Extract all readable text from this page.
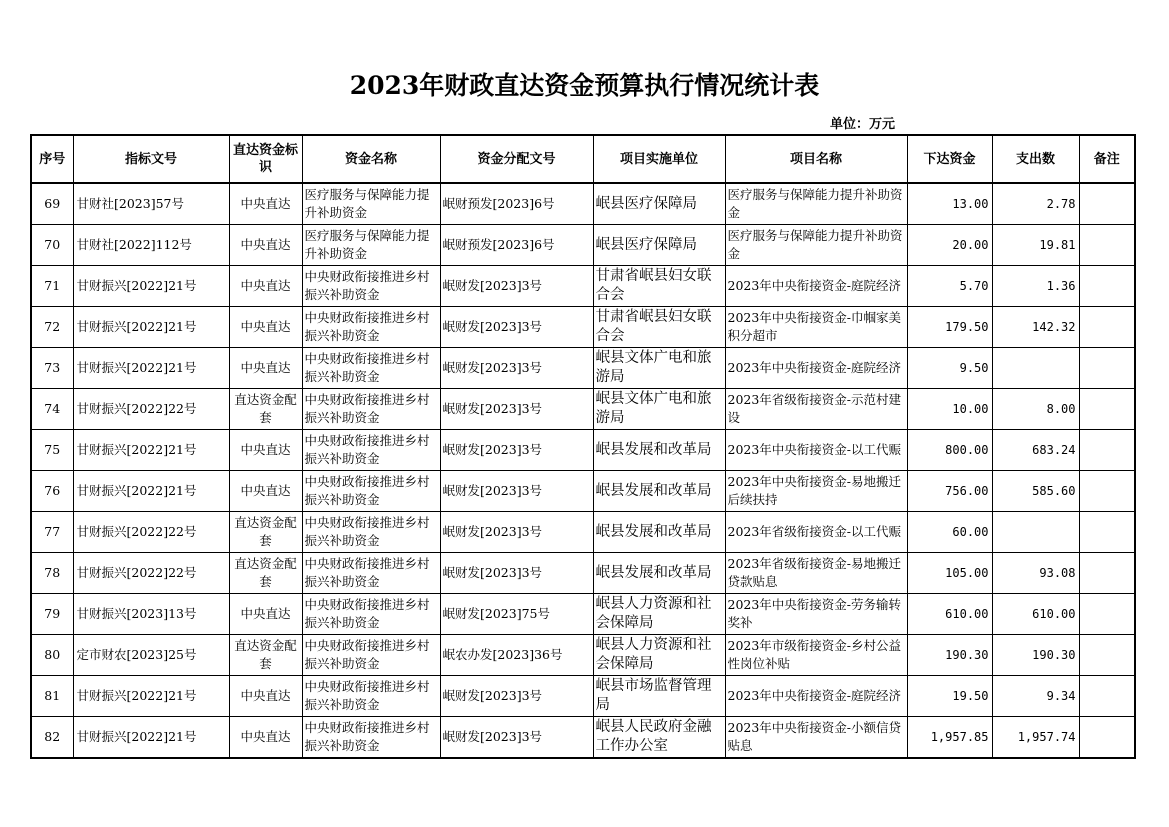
2023年财政直达资金预算执行情况统计表
单位：万元
序号	指标文号	直达资金标识	资金名称	资金分配文号	项目实施单位	项目名称	下达资金	支出数	备注
69	甘财社[2023]57号	中央直达	医疗服务与保障能力提升补助资金	岷财预发[2023]6号	岷县医疗保障局	医疗服务与保障能力提升补助资金	13.00	2.78	
70	甘财社[2022]112号	中央直达	医疗服务与保障能力提升补助资金	岷财预发[2023]6号	岷县医疗保障局	医疗服务与保障能力提升补助资金	20.00	19.81	
71	甘财振兴[2022]21号	中央直达	中央财政衔接推进乡村振兴补助资金	岷财发[2023]3号	甘肃省岷县妇女联合会	2023年中央衔接资金-庭院经济	5.70	1.36	
72	甘财振兴[2022]21号	中央直达	中央财政衔接推进乡村振兴补助资金	岷财发[2023]3号	甘肃省岷县妇女联合会	2023年中央衔接资金-巾帼家美积分超市	179.50	142.32	
73	甘财振兴[2022]21号	中央直达	中央财政衔接推进乡村振兴补助资金	岷财发[2023]3号	岷县文体广电和旅游局	2023年中央衔接资金-庭院经济	9.50		
74	甘财振兴[2022]22号	直达资金配套	中央财政衔接推进乡村振兴补助资金	岷财发[2023]3号	岷县文体广电和旅游局	2023年省级衔接资金-示范村建设	10.00	8.00	
75	甘财振兴[2022]21号	中央直达	中央财政衔接推进乡村振兴补助资金	岷财发[2023]3号	岷县发展和改革局	2023年中央衔接资金-以工代赈	800.00	683.24	
76	甘财振兴[2022]21号	中央直达	中央财政衔接推进乡村振兴补助资金	岷财发[2023]3号	岷县发展和改革局	2023年中央衔接资金-易地搬迁后续扶持	756.00	585.60	
77	甘财振兴[2022]22号	直达资金配套	中央财政衔接推进乡村振兴补助资金	岷财发[2023]3号	岷县发展和改革局	2023年省级衔接资金-以工代赈	60.00		
78	甘财振兴[2022]22号	直达资金配套	中央财政衔接推进乡村振兴补助资金	岷财发[2023]3号	岷县发展和改革局	2023年省级衔接资金-易地搬迁贷款贴息	105.00	93.08	
79	甘财振兴[2023]13号	中央直达	中央财政衔接推进乡村振兴补助资金	岷财发[2023]75号	岷县人力资源和社会保障局	2023年中央衔接资金-劳务输转奖补	610.00	610.00	
80	定市财农[2023]25号	直达资金配套	中央财政衔接推进乡村振兴补助资金	岷农办发[2023]36号	岷县人力资源和社会保障局	2023年市级衔接资金-乡村公益性岗位补贴	190.30	190.30	
81	甘财振兴[2022]21号	中央直达	中央财政衔接推进乡村振兴补助资金	岷财发[2023]3号	岷县市场监督管理局	2023年中央衔接资金-庭院经济	19.50	9.34	
82	甘财振兴[2022]21号	中央直达	中央财政衔接推进乡村振兴补助资金	岷财发[2023]3号	岷县人民政府金融工作办公室	2023年中央衔接资金-小额信贷贴息	1,957.85	1,957.74	
